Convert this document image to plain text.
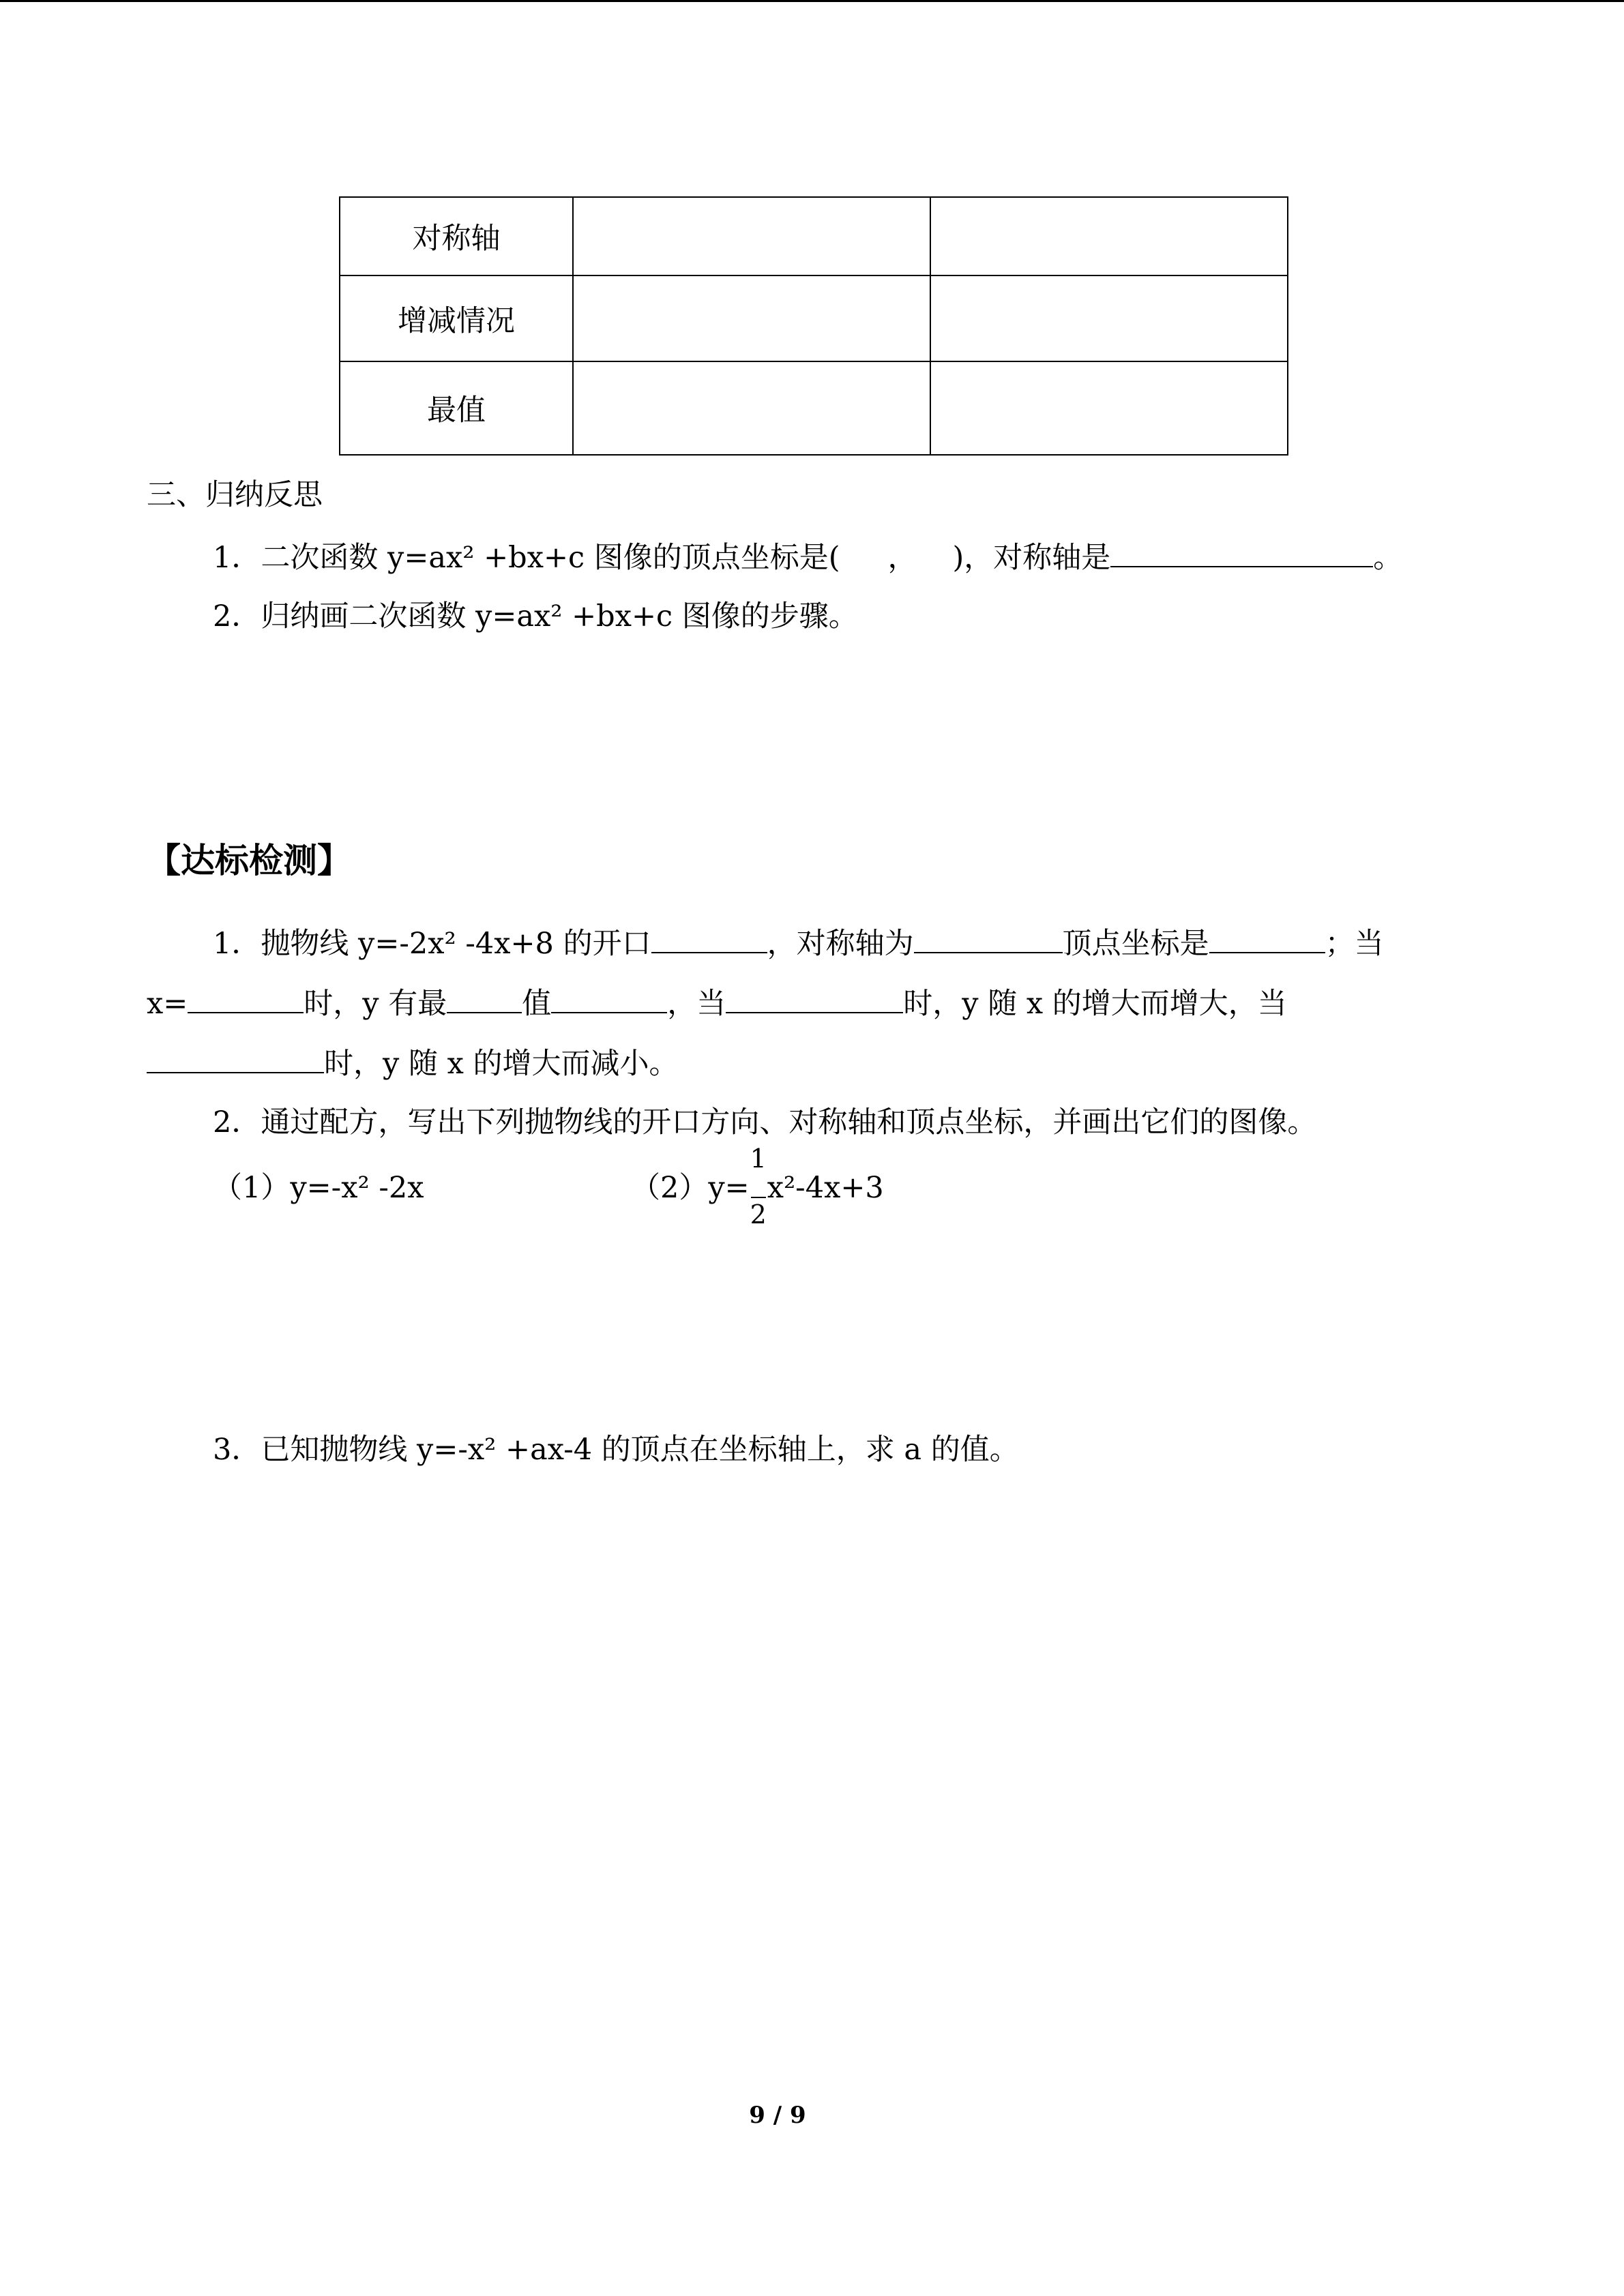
对称轴		
增减情况		
最值		
三、归纳反思
1．二次函数 y=ax² +bx+c 图像的顶点坐标是( ， )，对称轴是	。
2．归纳画二次函数 y=ax² +bx+c 图像的步骤。
【达标检测】
1．抛物线 y=-2x² -4x+8 的开口	，对称轴为	顶点坐标是	；当
x=	时，y 有最	值	，当	时，y 随 x 的增大而增大，当
时，y 随 x 的增大而减小。
2．通过配方，写出下列抛物线的开口方向、对称轴和顶点坐标，并画出它们的图像。
（1）y=-x² -2x	$(2)y= \frac{1}{2} x^2-4x+3$
3．已知抛物线 y=-x² +ax-4 的顶点在坐标轴上，求 a 的值。
9 / 9
